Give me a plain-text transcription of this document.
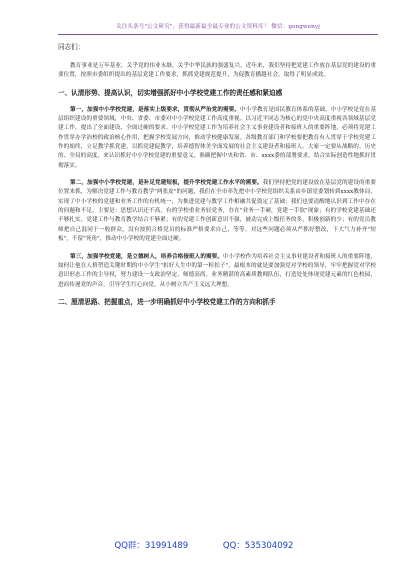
关注头条号"公文研究"，获得最新最全最专业的公文资料库！ 微信：gongwenyj
同志们：

教育事业是万年基业，关乎党的伟业永继，关乎中华民族的强盛复兴。近年来，我们坚持把党建工作放在基层党的建设的重要位置，按照市委组织提出的基层党建工作要求，抓抓党建规范提升，为促教育播越社会，取得了明显成效。

一、认清形势、提高认识，切实增强抓好中小学校党建工作的责任感和紧迫感

第一，加强中小学校党建，是落实上级要求，贯彻从严治党的需要。中小学教育是国民教育体系的基础，中小学校是党在基层组织建设的重要领域，中央、省委、市委对中小学校党建工作高度重视。以习近平同志为核心的党中央高度重视各领域基层党建工作，提出了全面建设、全面过硬的要求。中小学校党建工作为培养社会主义事业建设者和接班人的重要阵地，必须将党建工作贯穿办学治校的政治核心作用，把握学校发展方向，推动学校健康发展。各级教育部门和学校要把教育有人贯穿于学校党建工作的始终，立足教学抓党建，以抓党建促教学，培养德智体美全面发展的社会主义建设者和接班人。大家一定要从战略的、历史的、全局的高度，来认识抓好中小学校党建的重要意义，准确把握中央和省、市、xxxx委的部署要求，结合实际创造性地抓好贯彻落实。

第二，加强中小学校党建，是补足党建短板，提升学校党建工作水平的需要。我们坚持把党的建设放在基层党的建设的重要位置来抓，为解决党建工作与教育教学"两张皮"的问题，我们在全市率先把中小学校党组织关系由乡镇党委划转到xxxx教体局，实现了中小学校的党建和业务工作的有机统一，为推进党建与教学工作相融共促奠定了基础；我们也要清醒地认识到工作中存在的问题和不足，主要是：思想认识还不高，有的学校重业务轻党务，存在"业务一手硬，党建一手软"现象；有的学校党建基础还不够扎实，党建工作与教育教学结合不够紧；有的党建工作创新意识不强，被动完成上级任务的多，积极创新的少；有的党员教师把自己混同于一般群众，没有按照合格党员的标准严格要求自己，等等。对这些问题必须从严抓好整改，下大气力补齐"短板"，不留"死角"，推动中小学校的党建全面过硬。

第三，加强学校党建，是立德树人，培养合格接班人的需要。中小学校作为培养社会主义事业建设者和接班人的重要阵地，如何让他在人格塑造关键时期的中小学生"扣好人生中的第一粒扣子"，最根本的就是要加强党对学校的领导，牢牢把握党对学校意识形态工作的主导权，努力建设一支政治坚定、师德高尚、业务精湛的高素质教师队伍，打造处处体现党建元素的红色校园，进而传递党的声音，引导学生红心向党，从小树立共产主义远大理想。

二、厘清思路、把握重点，进一步明确抓好中小学校党建工作的方向和抓手
QQ群：31991489	QQ：535304092
